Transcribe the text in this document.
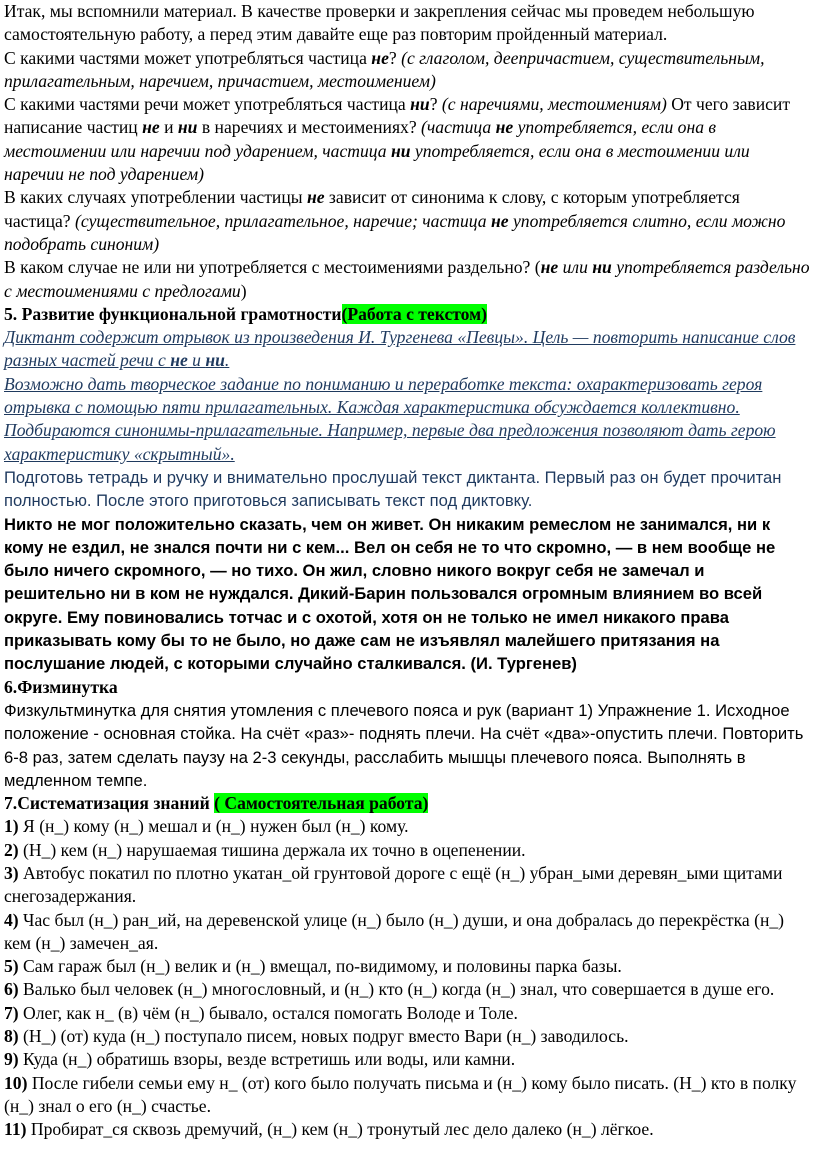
Итак, мы вспомнили материал. В качестве проверки и закрепления сейчас мы проведем небольшую самостоятельную работу, а перед этим давайте еще раз повторим пройденный материал.

С какими частями может употребляться частица не? (с глаголом, деепричастием, существительным, прилагательным, наречием, причастием, местоимением)

С какими частями речи может употребляться частица ни? (с наречиями, местоимениям) От чего зависит написание частиц не и ни в наречиях и местоимениях? (частица не употребляется, если она в местоимении или наречии под ударением, частица ни употребляется, если она в местоимении или наречии не под ударением)

В каких случаях употреблении частицы не зависит от синонима к слову, с которым употребляется частица? (существительное, прилагательное, наречие; частица не употребляется слитно, если можно подобрать синоним)

В каком случае не или ни употребляется с местоимениями раздельно? (не или ни употребляется раздельно с местоимениями с предлогами)

5. Развитие функциональной грамотности(Работа с текстом)

Диктант содержит отрывок из произведения И. Тургенева «Певцы». Цель — повторить написание слов разных частей речи с не и ни.

Возможно дать творческое задание по пониманию и переработке текста: охарактеризовать героя отрывка с помощью пяти прилагательных. Каждая характеристика обсуждается коллективно. Подбираются синонимы-прилагательные. Например, первые два предложения позволяют дать герою характеристику «скрытный».

Подготовь тетрадь и ручку и внимательно прослушай текст диктанта. Первый раз он будет прочитан полностью. После этого приготовься записывать текст под диктовку.

Никто не мог положительно сказать, чем он живет. Он никаким ремеслом не занимался, ни к кому не ездил, не знался почти ни с кем... Вел он себя не то что скромно, — в нем вообще не было ничего скромного, — но тихо. Он жил, словно никого вокруг себя не замечал и решительно ни в ком не нуждался. Дикий-Барин пользовался огромным влиянием во всей округе. Ему повиновались тотчас и с охотой, хотя он не только не имел никакого права приказывать кому бы то не было, но даже сам не изъявлял малейшего притязания на послушание людей, с которыми случайно сталкивался. (И. Тургенев)

6.Физминутка

Физкультминутка для снятия утомления с плечевого пояса и рук (вариант 1) Упражнение 1. Исходное положение - основная стойка. На счёт «раз»- поднять плечи. На счёт «два»-опустить плечи. Повторить 6-8 раз, затем сделать паузу на 2-3 секунды, расслабить мышцы плечевого пояса. Выполнять в медленном темпе.

7.Систематизация знаний ( Самостоятельная работа)

1) Я (н_) кому (н_) мешал и (н_) нужен был (н_) кому.

2) (Н_) кем (н_) нарушаемая тишина держала их точно в оцепенении.

3) Автобус покатил по плотно укатан_ой грунтовой дороге с ещё (н_) убран_ыми деревян_ыми щитами снегозадержания.

4) Час был (н_) ран_ий, на деревенской улице (н_) было (н_) души, и она добралась до перекрёстка (н_) кем (н_) замечен_ая.

5) Сам гараж был (н_) велик и (н_) вмещал, по-видимому, и половины парка базы.

6) Валько был человек (н_) многословный, и (н_) кто (н_) когда (н_) знал, что совершается в душе его.

7) Олег, как н_ (в) чём (н_) бывало, остался помогать Володе и Толе.

8) (Н_) (от) куда (н_) поступало писем, новых подруг вместо Вари (н_) заводилось.

9) Куда (н_) обратишь взоры, везде встретишь или воды, или камни.

10) После гибели семьи ему н_ (от) кого было получать письма и (н_) кому было писать. (Н_) кто в полку (н_) знал о его (н_) счастье.

11) Пробират_ся сквозь дремучий, (н_) кем (н_) тронутый лес дело далеко (н_) лёгкое.
